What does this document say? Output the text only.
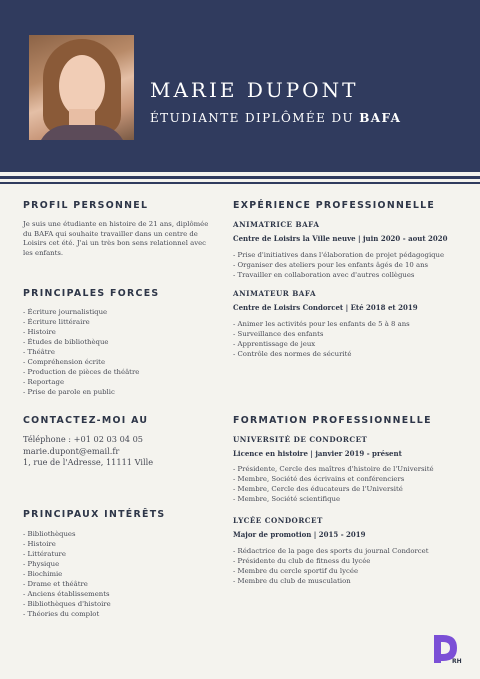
MARIE DUPONT
ÉTUDIANTE DIPLÔMÉE DU BAFA
PROFIL PERSONNEL
Je suis une étudiante en histoire de 21 ans, diplômée du BAFA qui souhaite travailler dans un centre de Loisirs cet été. J'ai un très bon sens relationnel avec les enfants.
PRINCIPALES FORCES
- Écriture journalistique
- Écriture littéraire
- Histoire
- Études de bibliothèque
- Théâtre
- Compréhension écrite
- Production de pièces de théâtre
- Reportage
- Prise de parole en public
CONTACTEZ-MOI AU
Téléphone : +01 02 03 04 05
marie.dupont@email.fr
1, rue de l'Adresse, 11111 Ville
PRINCIPAUX INTÉRÊTS
- Bibliothèques
- Histoire
- Littérature
- Physique
- Biochimie
- Drame et théâtre
- Anciens établissements
- Bibliothèques d'histoire
- Théories du complot
EXPÉRIENCE PROFESSIONNELLE
ANIMATRICE BAFA
Centre de Loisirs la Ville neuve | juin 2020 - aout 2020
- Prise d'initiatives dans l'élaboration de projet pédagogique
- Organiser des ateliers pour les enfants âgés de 10 ans
- Travailler en collaboration avec d'autres collègues
ANIMATEUR BAFA
Centre de Loisirs Condorcet | Eté 2018 et 2019
- Animer les activités pour les enfants de 5 à 8 ans
- Surveillance des enfants
- Apprentissage de jeux
- Contrôle des normes de sécurité
FORMATION PROFESSIONNELLE
UNIVERSITÉ DE CONDORCET
Licence en histoire | janvier 2019 - présent
- Présidente, Cercle des maîtres d'histoire de l'Université
- Membre, Société des écrivains et conférenciers
- Membre, Cercle des éducateurs de l'Université
- Membre, Société scientifique
LYCÉE CONDORCET
Major de promotion | 2015 - 2019
- Rédactrice de la page des sports du journal Condorcet
- Présidente du club de fitness du lycée
- Membre du cercle sportif du lycée
- Membre du club de musculation
RH
